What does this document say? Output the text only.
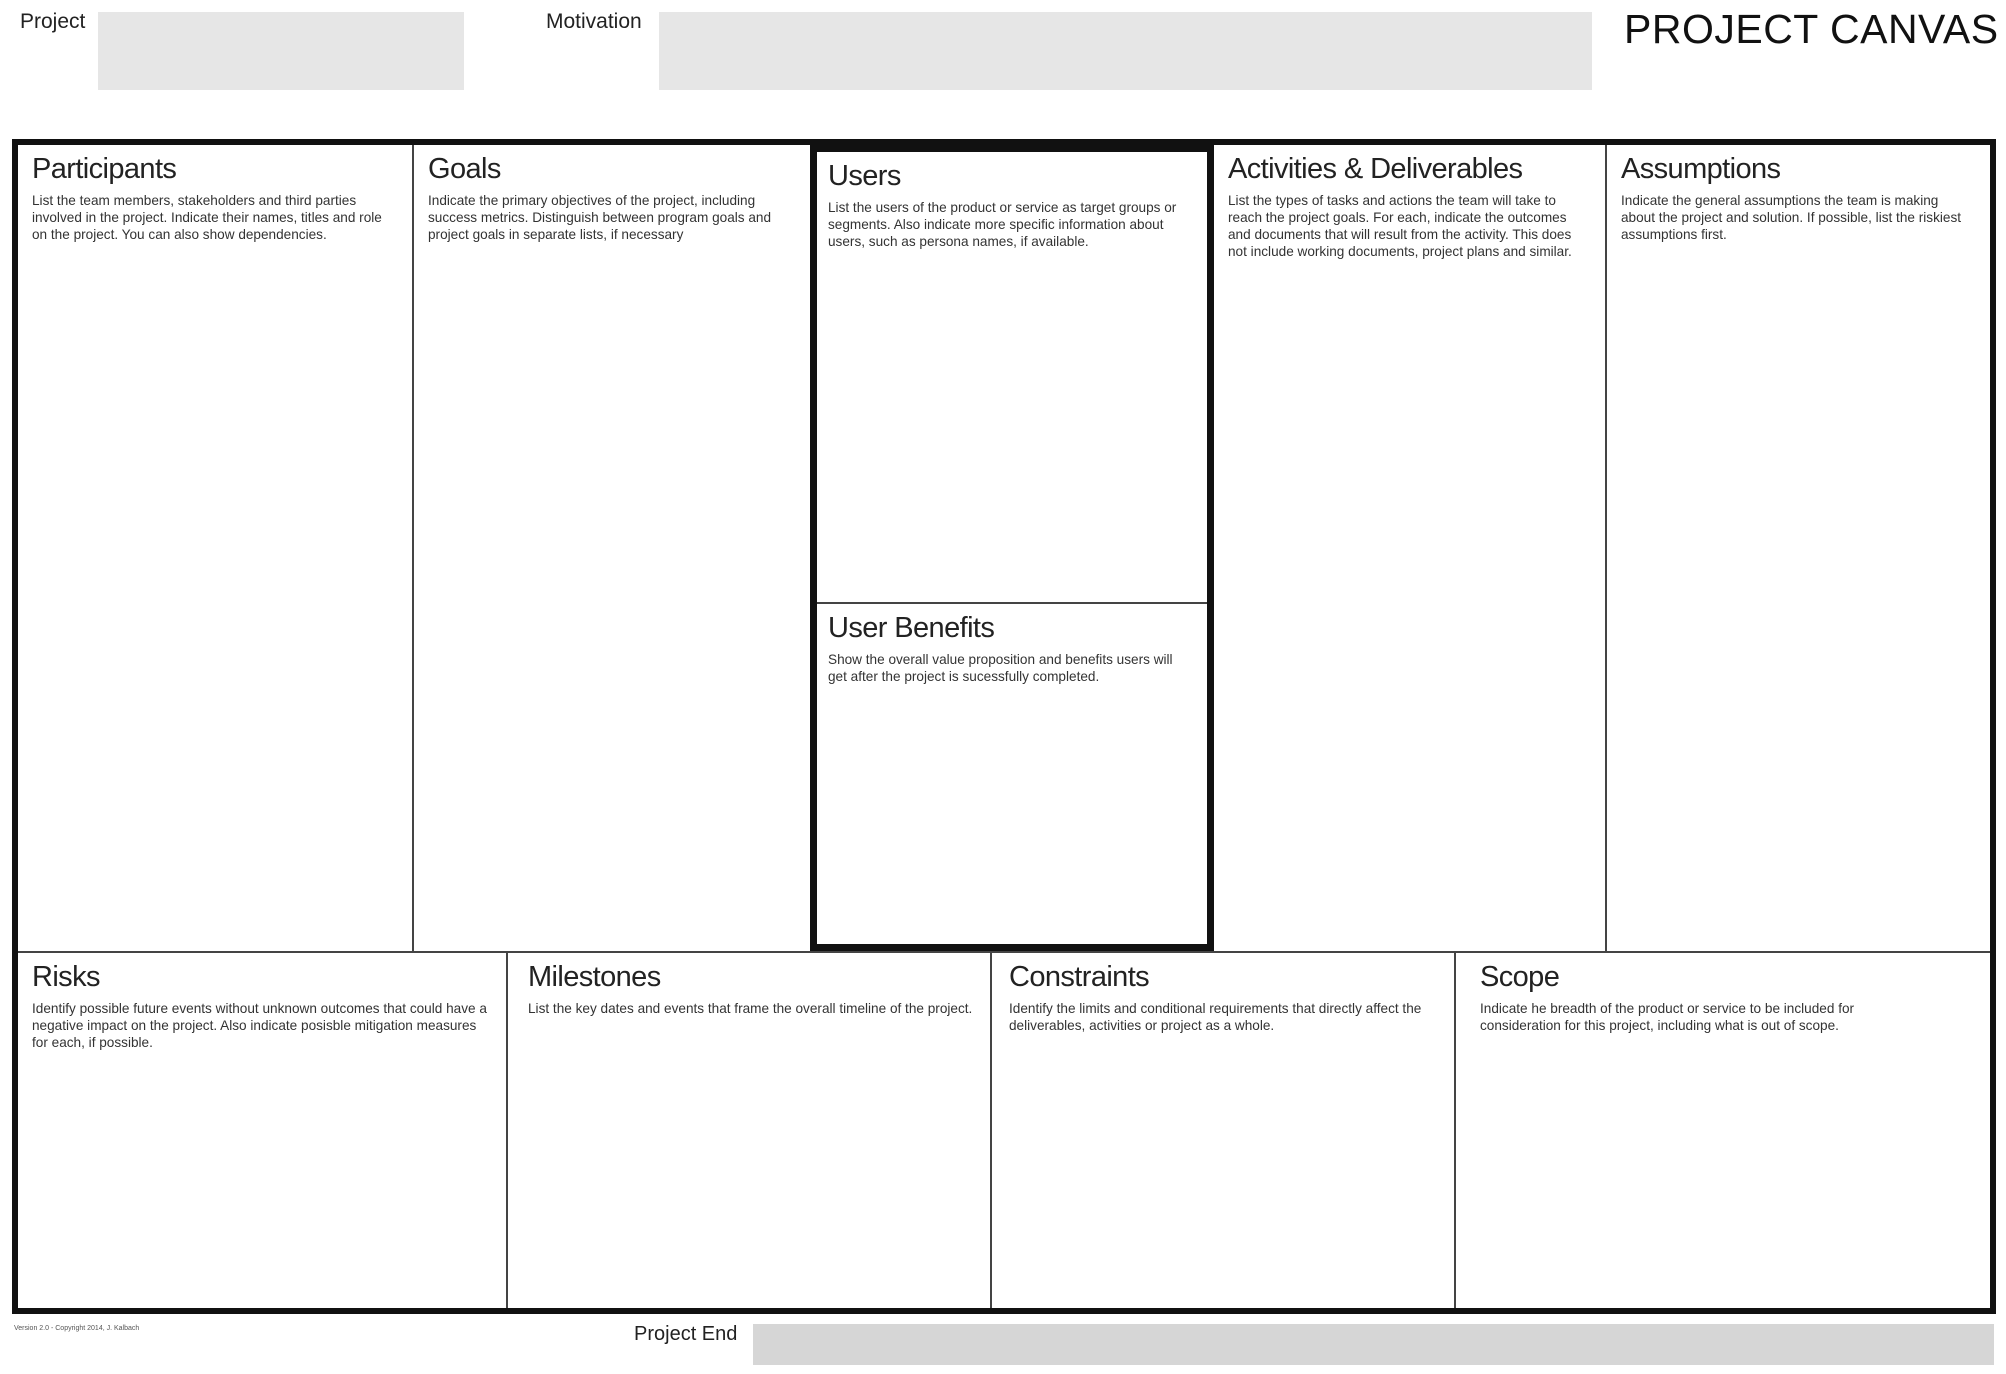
Project	Motivation	PROJECT CANVAS
Participants

List the team members, stakeholders and third parties involved in the project. Indicate their names, titles and role on the project. You can also show dependencies.

Goals

Indicate the primary objectives of the project, including success metrics. Distinguish between program goals and project goals in separate lists, if necessary

Users

List the users of the product or service as target groups or segments. Also indicate more specific information about users, such as persona names, if available.

User Benefits

Show the overall value proposition and benefits users will get after the project is sucessfully completed.

Activities & Deliverables

List the types of tasks and actions the team will take to reach the project goals. For each, indicate the outcomes and documents that will result from the activity. This does not include working documents, project plans and similar.

Assumptions

Indicate the general assumptions the team is making about the project and solution. If possible, list the riskiest assumptions first.

Risks

Identify possible future events without unknown outcomes that could have a negative impact on the project. Also indicate posisble mitigation measures for each, if possible.

Milestones

List the key dates and events that frame the overall timeline of the project.

Constraints

Identify the limits and conditional requirements that directly affect the deliverables, activities or project as a whole.

Scope

Indicate he breadth of the product or service to be included for consideration for this project, including what is out of scope.

Version 2.0 - Copyright 2014, J. Kalbach	Project End
